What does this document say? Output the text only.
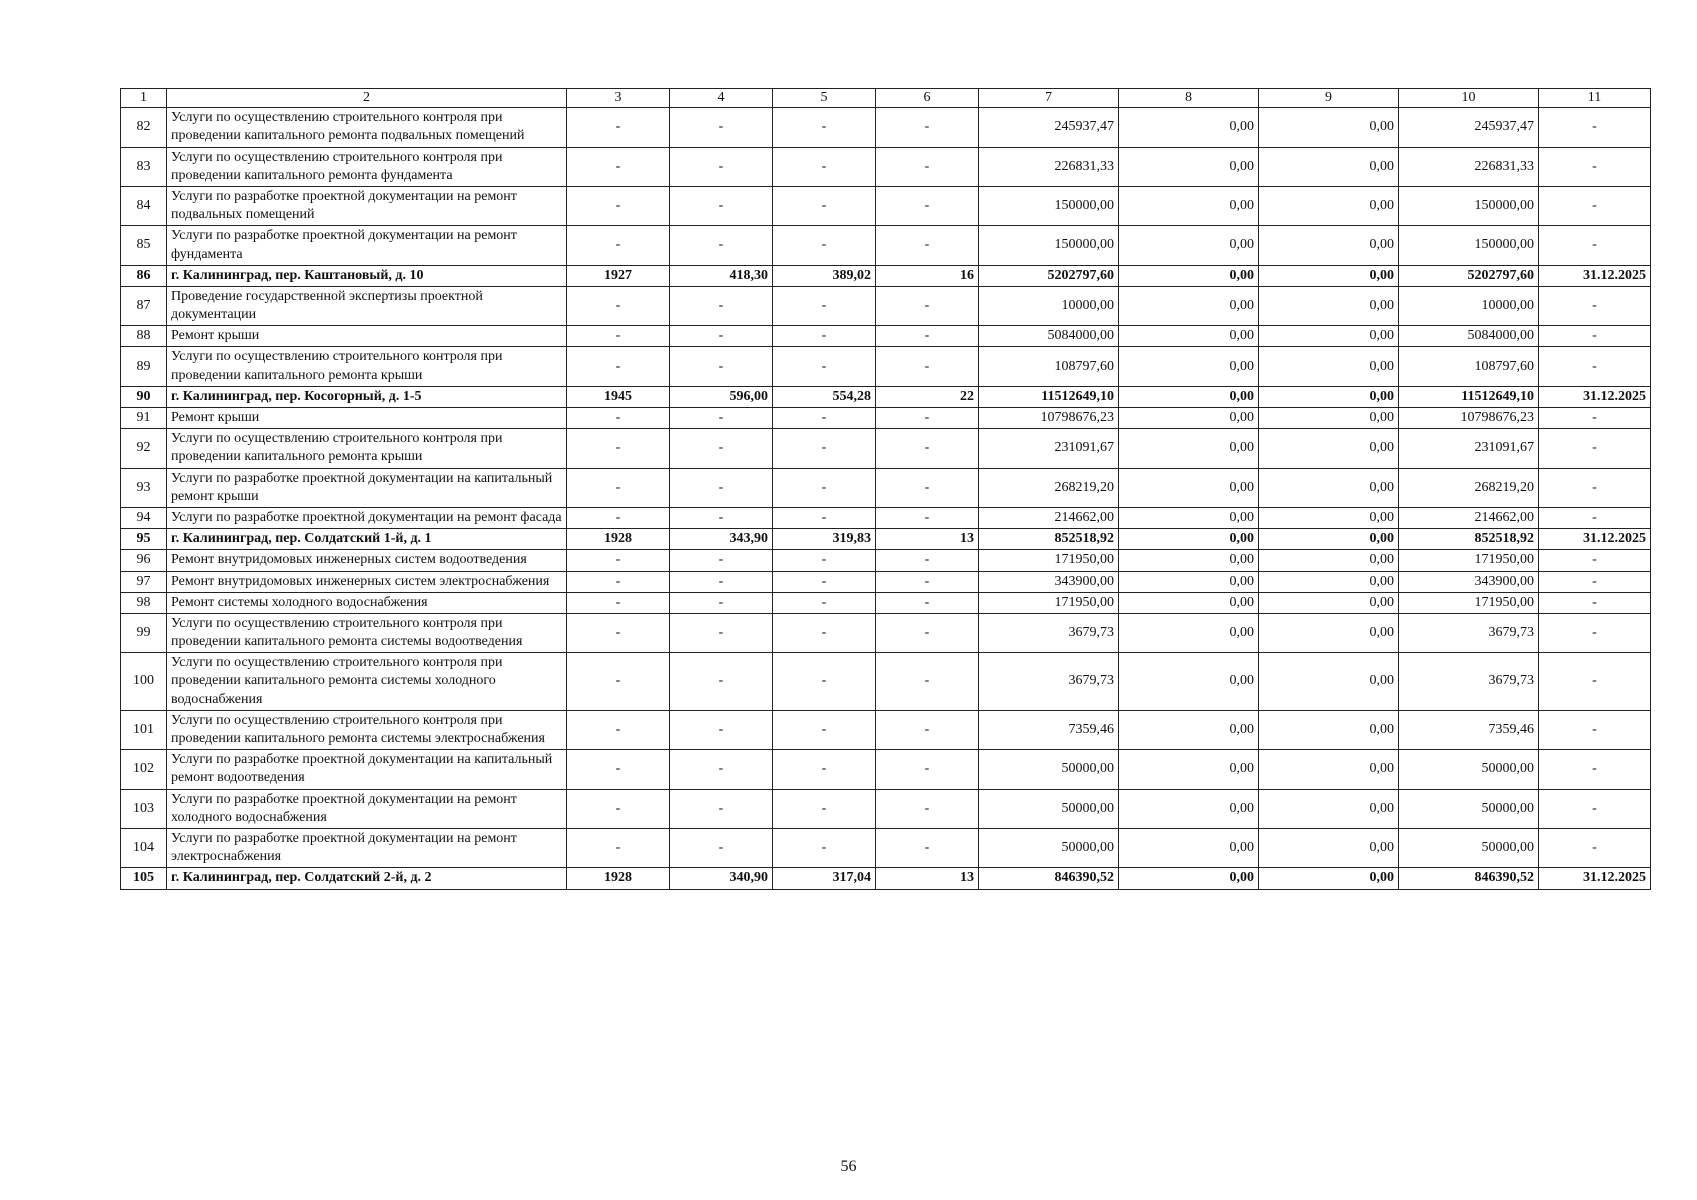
1	2	3	4	5	6	7	8	9	10	11
82	Услуги по осуществлению строительного контроля при проведении капитального ремонта подвальных помещений	-	-	-	-	245937,47	0,00	0,00	245937,47	-
83	Услуги по осуществлению строительного контроля при проведении капитального ремонта фундамента	-	-	-	-	226831,33	0,00	0,00	226831,33	-
84	Услуги по разработке проектной документации на ремонт подвальных помещений	-	-	-	-	150000,00	0,00	0,00	150000,00	-
85	Услуги по разработке проектной документации на ремонт фундамента	-	-	-	-	150000,00	0,00	0,00	150000,00	-
86	г. Калининград, пер. Каштановый, д. 10	1927	418,30	389,02	16	5202797,60	0,00	0,00	5202797,60	31.12.2025
87	Проведение государственной экспертизы проектной документации	-	-	-	-	10000,00	0,00	0,00	10000,00	-
88	Ремонт крыши	-	-	-	-	5084000,00	0,00	0,00	5084000,00	-
89	Услуги по осуществлению строительного контроля при проведении капитального ремонта крыши	-	-	-	-	108797,60	0,00	0,00	108797,60	-
90	г. Калининград, пер. Косогорный, д. 1-5	1945	596,00	554,28	22	11512649,10	0,00	0,00	11512649,10	31.12.2025
91	Ремонт крыши	-	-	-	-	10798676,23	0,00	0,00	10798676,23	-
92	Услуги по осуществлению строительного контроля при проведении капитального ремонта крыши	-	-	-	-	231091,67	0,00	0,00	231091,67	-
93	Услуги по разработке проектной документации на капитальный ремонт крыши	-	-	-	-	268219,20	0,00	0,00	268219,20	-
94	Услуги по разработке проектной документации на ремонт фасада	-	-	-	-	214662,00	0,00	0,00	214662,00	-
95	г. Калининград, пер. Солдатский 1-й, д. 1	1928	343,90	319,83	13	852518,92	0,00	0,00	852518,92	31.12.2025
96	Ремонт внутридомовых инженерных систем водоотведения	-	-	-	-	171950,00	0,00	0,00	171950,00	-
97	Ремонт внутридомовых инженерных систем электроснабжения	-	-	-	-	343900,00	0,00	0,00	343900,00	-
98	Ремонт системы холодного водоснабжения	-	-	-	-	171950,00	0,00	0,00	171950,00	-
99	Услуги по осуществлению строительного контроля при проведении капитального ремонта системы водоотведения	-	-	-	-	3679,73	0,00	0,00	3679,73	-
100	Услуги по осуществлению строительного контроля при проведении капитального ремонта системы холодного водоснабжения	-	-	-	-	3679,73	0,00	0,00	3679,73	-
101	Услуги по осуществлению строительного контроля при проведении капитального ремонта системы электроснабжения	-	-	-	-	7359,46	0,00	0,00	7359,46	-
102	Услуги по разработке проектной документации на капитальный ремонт водоотведения	-	-	-	-	50000,00	0,00	0,00	50000,00	-
103	Услуги по разработке проектной документации на ремонт холодного водоснабжения	-	-	-	-	50000,00	0,00	0,00	50000,00	-
104	Услуги по разработке проектной документации на ремонт электроснабжения	-	-	-	-	50000,00	0,00	0,00	50000,00	-
105	г. Калининград, пер. Солдатский 2-й, д. 2	1928	340,90	317,04	13	846390,52	0,00	0,00	846390,52	31.12.2025
56
